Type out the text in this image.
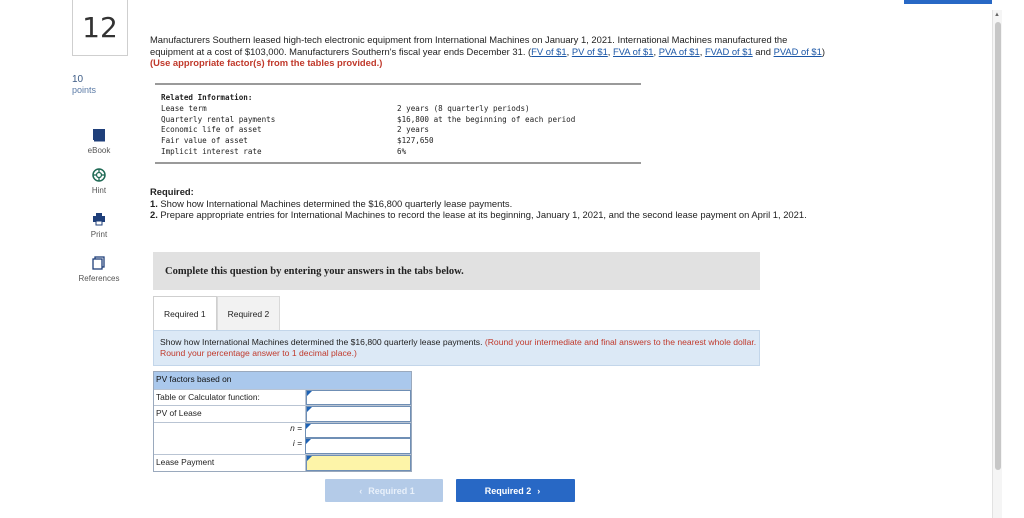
12
10
points
eBook
Hint
Print
References
Manufacturers Southern leased high-tech electronic equipment from International Machines on January 1, 2021. International Machines manufactured the equipment at a cost of $103,000. Manufacturers Southern's fiscal year ends December 31. (FV of $1, PV of $1, FVA of $1, PVA of $1, FVAD of $1 and PVAD of $1) (Use appropriate factor(s) from the tables provided.)
Related Information:
Lease term	2 years (8 quarterly periods)
Quarterly rental payments	$16,800 at the beginning of each period
Economic life of asset	2 years
Fair value of asset	$127,650
Implicit interest rate	6%
Required:
1. Show how International Machines determined the $16,800 quarterly lease payments.
2. Prepare appropriate entries for International Machines to record the lease at its beginning, January 1, 2021, and the second lease payment on April 1, 2021.
Complete this question by entering your answers in the tabs below.
Required 1	Required 2
Show how International Machines determined the $16,800 quarterly lease payments. (Round your intermediate and final answers to the nearest whole dollar. Round your percentage answer to 1 decimal place.)
PV factors based on
Table or Calculator function:
PV of Lease
n =
i =
Lease Payment
‹ Required 1	Required 2 ›
▲
